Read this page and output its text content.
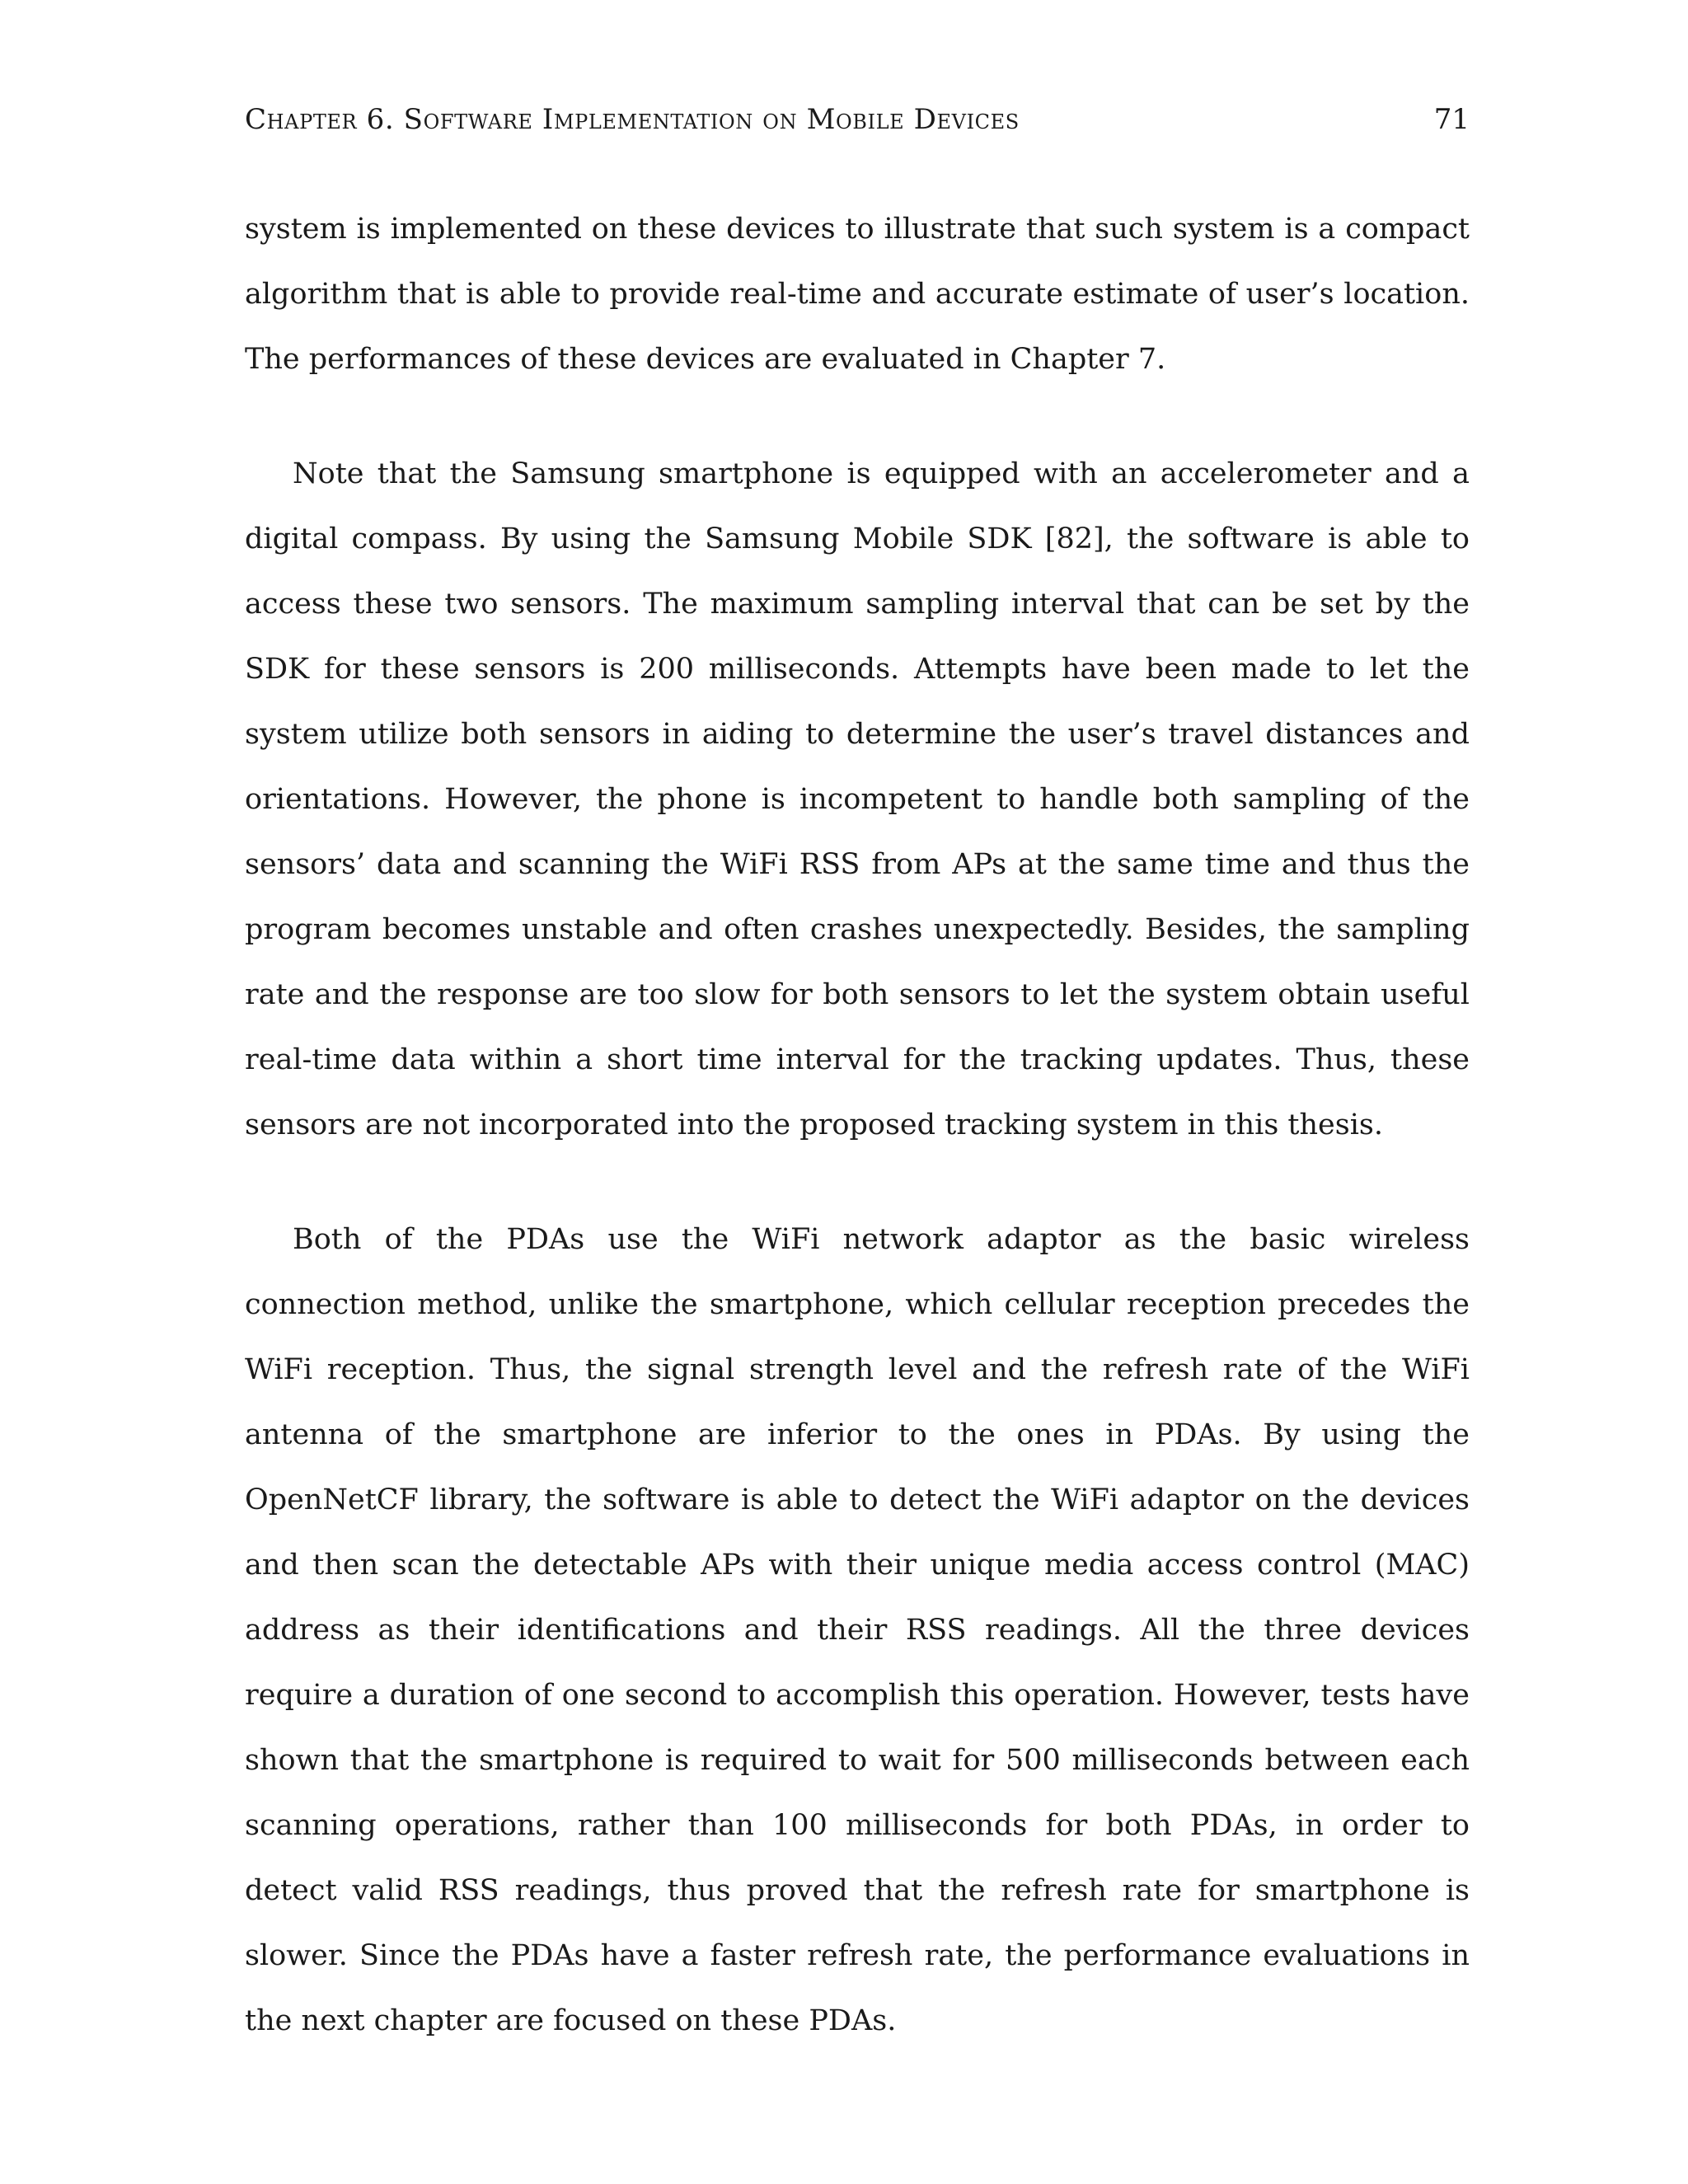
Chapter 6. Software Implementation on Mobile Devices	71

system is implemented on these devices to illustrate that such system is a compact algorithm that is able to provide real-time and accurate estimate of user’s location. The performances of these devices are evaluated in Chapter 7.

Note that the Samsung smartphone is equipped with an accelerometer and a digital compass. By using the Samsung Mobile SDK [82], the software is able to access these two sensors. The maximum sampling interval that can be set by the SDK for these sensors is 200 milliseconds. Attempts have been made to let the system utilize both sensors in aiding to determine the user’s travel distances and orientations. However, the phone is incompetent to handle both sampling of the sensors’ data and scanning the WiFi RSS from APs at the same time and thus the program becomes unstable and often crashes unexpectedly. Besides, the sampling rate and the response are too slow for both sensors to let the system obtain useful real-time data within a short time interval for the tracking updates. Thus, these sensors are not incorporated into the proposed tracking system in this thesis.

Both of the PDAs use the WiFi network adaptor as the basic wireless connection method, unlike the smartphone, which cellular reception precedes the WiFi reception. Thus, the signal strength level and the refresh rate of the WiFi antenna of the smartphone are inferior to the ones in PDAs. By using the OpenNetCF library, the software is able to detect the WiFi adaptor on the devices and then scan the detectable APs with their unique media access control (MAC) address as their identifications and their RSS readings. All the three devices require a duration of one second to accomplish this operation. However, tests have shown that the smartphone is required to wait for 500 milliseconds between each scanning operations, rather than 100 milliseconds for both PDAs, in order to detect valid RSS readings, thus proved that the refresh rate for smartphone is slower. Since the PDAs have a faster refresh rate, the performance evaluations in the next chapter are focused on these PDAs.
